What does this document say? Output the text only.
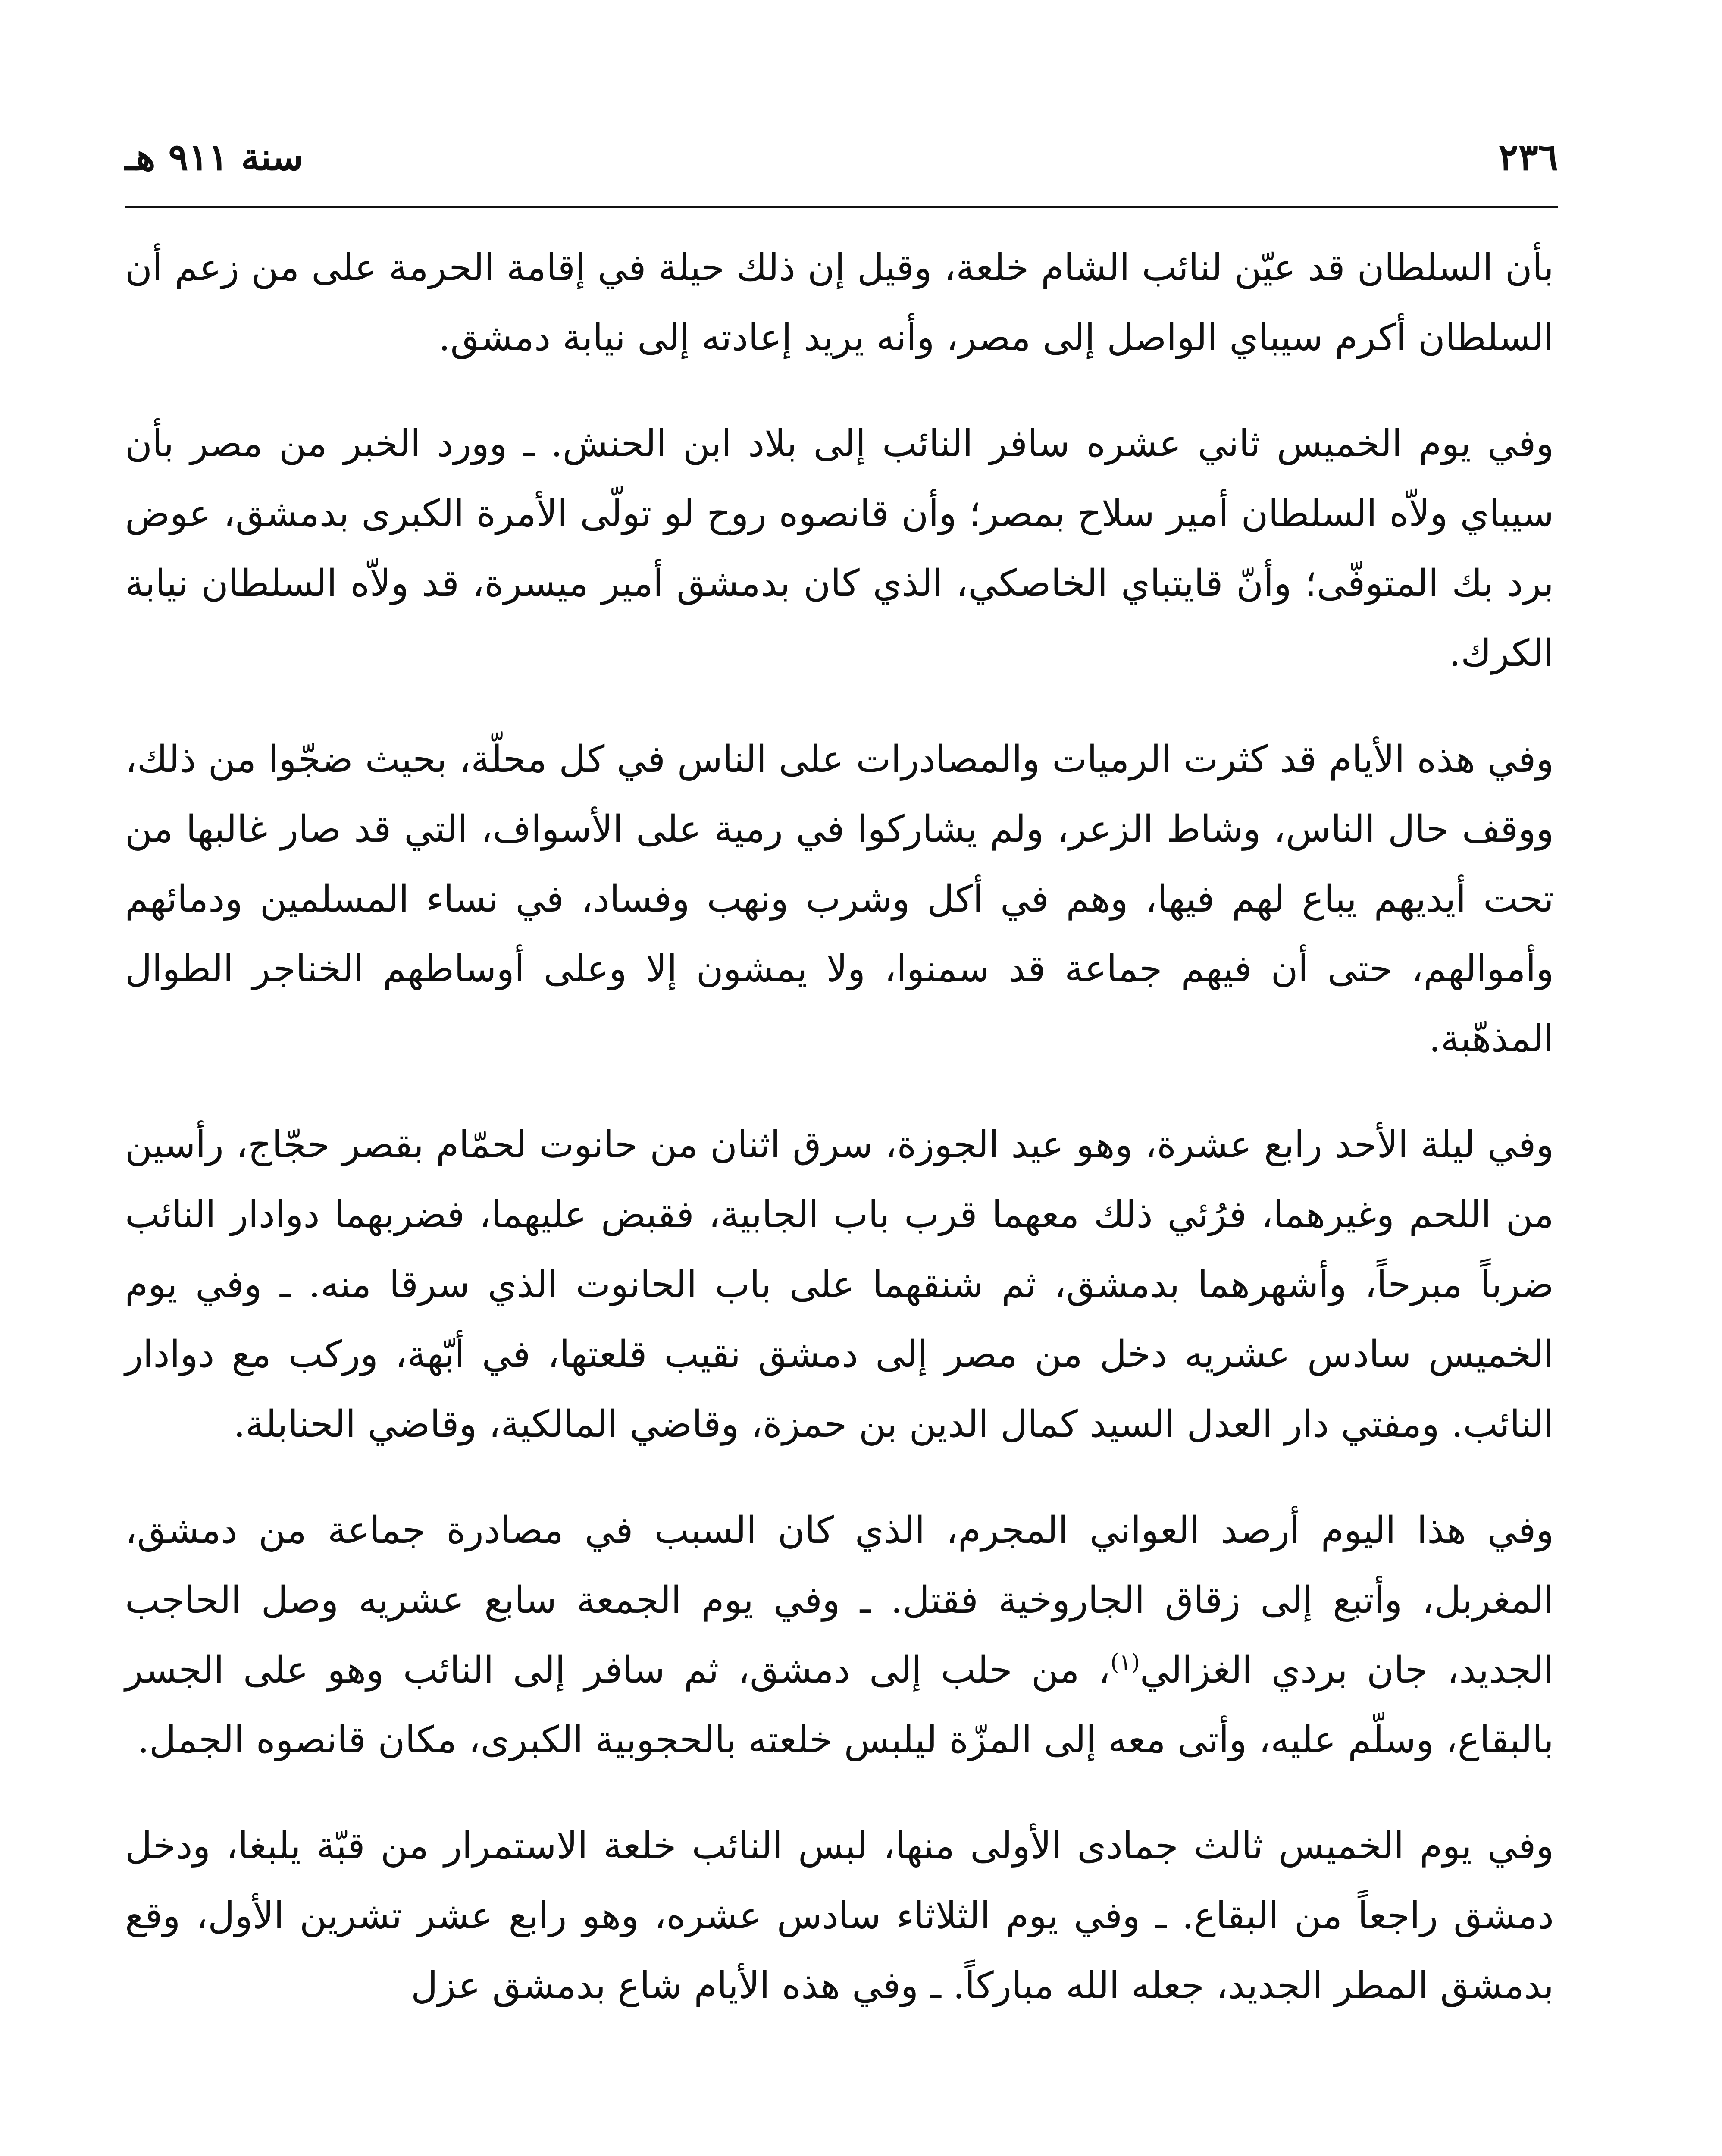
٢٣٦
سنة ٩١١ هـ

بأن السلطان قد عيّن لنائب الشام خلعة، وقيل إن ذلك حيلة في إقامة الحرمة على من زعم أن السلطان أكرم سيباي الواصل إلى مصر، وأنه يريد إعادته إلى نيابة دمشق.

وفي يوم الخميس ثاني عشره سافر النائب إلى بلاد ابن الحنش. ـ وورد الخبر من مصر بأن سيباي ولاّه السلطان أمير سلاح بمصر؛ وأن قانصوه روح لو تولّى الأمرة الكبرى بدمشق، عوض برد بك المتوفّى؛ وأنّ قايتباي الخاصكي، الذي كان بدمشق أمير ميسرة، قد ولاّه السلطان نيابة الكرك.

وفي هذه الأيام قد كثرت الرميات والمصادرات على الناس في كل محلّة، بحيث ضجّوا من ذلك، ووقف حال الناس، وشاط الزعر، ولم يشاركوا في رمية على الأسواف، التي قد صار غالبها من تحت أيديهم يباع لهم فيها، وهم في أكل وشرب ونهب وفساد، في نساء المسلمين ودمائهم وأموالهم، حتى أن فيهم جماعة قد سمنوا، ولا يمشون إلا وعلى أوساطهم الخناجر الطوال المذهّبة.

وفي ليلة الأحد رابع عشرة، وهو عيد الجوزة، سرق اثنان من حانوت لحمّام بقصر حجّاج، رأسين من اللحم وغيرهما، فرُئي ذلك معهما قرب باب الجابية، فقبض عليهما، فضربهما دوادار النائب ضرباً مبرحاً، وأشهرهما بدمشق، ثم شنقهما على باب الحانوت الذي سرقا منه. ـ وفي يوم الخميس سادس عشريه دخل من مصر إلى دمشق نقيب قلعتها، في أبّهة، وركب مع دوادار النائب. ومفتي دار العدل السيد كمال الدين بن حمزة، وقاضي المالكية، وقاضي الحنابلة.

وفي هذا اليوم أرصد العواني المجرم، الذي كان السبب في مصادرة جماعة من دمشق، المغربل، وأتبع إلى زقاق الجاروخية فقتل. ـ وفي يوم الجمعة سابع عشريه وصل الحاجب الجديد، جان بردي الغزالي$^{(١)}$، من حلب إلى دمشق، ثم سافر إلى النائب وهو على الجسر بالبقاع، وسلّم عليه، وأتى معه إلى المزّة ليلبس خلعته بالحجوبية الكبرى، مكان قانصوه الجمل.

وفي يوم الخميس ثالث جمادى الأولى منها، لبس النائب خلعة الاستمرار من قبّة يلبغا، ودخل دمشق راجعاً من البقاع. ـ وفي يوم الثلاثاء سادس عشره، وهو رابع عشر تشرين الأول، وقع بدمشق المطر الجديد، جعله الله مباركاً. ـ وفي هذه الأيام شاع بدمشق عزل
